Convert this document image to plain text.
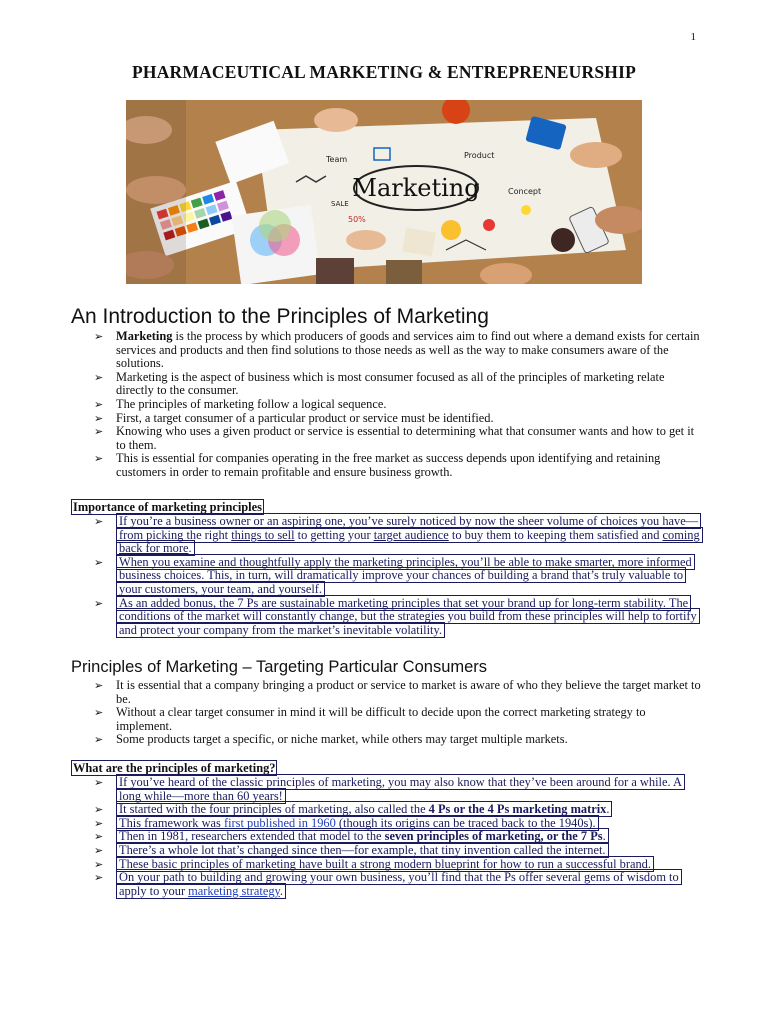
1
PHARMACEUTICAL MARKETING & ENTREPRENEURSHIP
Marketing
Team	Product
Concept
SALE
50%
An Introduction to the Principles of Marketing
➢ Marketing is the process by which producers of goods and services aim to find out where a demand exists for certain services and products and then find solutions to those needs as well as the way to make consumers aware of the solutions.
➢ Marketing is the aspect of business which is most consumer focused as all of the principles of marketing relate directly to the consumer.
➢ The principles of marketing follow a logical sequence.
➢ First, a target consumer of a particular product or service must be identified.
➢ Knowing who uses a given product or service is essential to determining what that consumer wants and how to get it to them.
➢ This is essential for companies operating in the free market as success depends upon identifying and retaining customers in order to remain profitable and ensure business growth.
Importance of marketing principles
➢ If you’re a business owner or an aspiring one, you’ve surely noticed by now the sheer volume of choices you have—from picking the right things to sell to getting your target audience to buy them to keeping them satisfied and coming back for more.
➢ When you examine and thoughtfully apply the marketing principles, you’ll be able to make smarter, more informed business choices. This, in turn, will dramatically improve your chances of building a brand that’s truly valuable to your customers, your team, and yourself.
➢ As an added bonus, the 7 Ps are sustainable marketing principles that set your brand up for long-term stability. The conditions of the market will constantly change, but the strategies you build from these principles will help to fortify and protect your company from the market’s inevitable volatility.
Principles of Marketing – Targeting Particular Consumers
➢ It is essential that a company bringing a product or service to market is aware of who they believe the target market to be.
➢ Without a clear target consumer in mind it will be difficult to decide upon the correct marketing strategy to implement.
➢ Some products target a specific, or niche market, while others may target multiple markets.
What are the principles of marketing?
➢ If you’ve heard of the classic principles of marketing, you may also know that they’ve been around for a while. A long while—more than 60 years!
➢ It started with the four principles of marketing, also called the 4 Ps or the 4 Ps marketing matrix.
➢ This framework was first published in 1960 (though its origins can be traced back to the 1940s).
➢ Then in 1981, researchers extended that model to the seven principles of marketing, or the 7 Ps.
➢ There’s a whole lot that’s changed since then—for example, that tiny invention called the internet.
➢ These basic principles of marketing have built a strong modern blueprint for how to run a successful brand.
➢ On your path to building and growing your own business, you’ll find that the Ps offer several gems of wisdom to apply to your marketing strategy.
